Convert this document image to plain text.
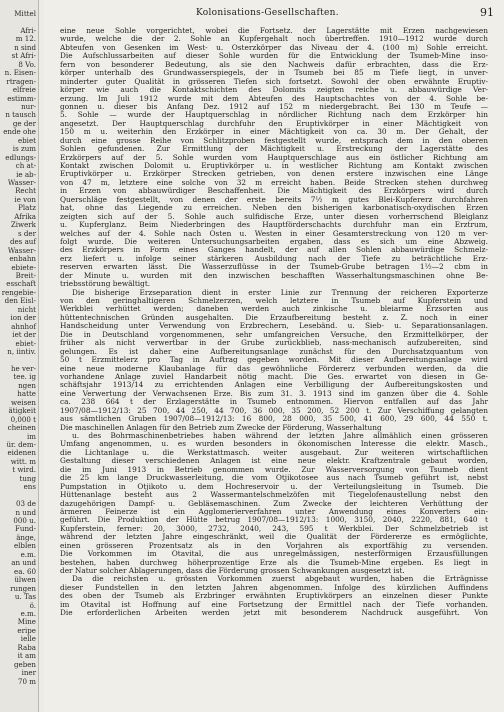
Mittel
Afri-
m 12.
n sind
st Afri-
8 Vo.
n. Eisen-
rtragen-
elfreie
estimm-
nur-
n tausch
ge der
ende ohe
ebiet
is zum
edlungs-
ch at-
ie ab-
Wasser-
Recht
ie von
Platz
Afrika
Ziwerk
s der
des auf
Wasser-
enbahn
ebiete-
Breit-
esschaft
rengebie-
den Eisl-
nicht
ion der
ahnhof
iet der
ebiet-
n, iintiv.
he ver-
tee. ig
ngen
hatte
weisen
ätigkeit
0,000 t
cheinen
im
ür. dem-
eidenen
witt. m
t wird.
tung
ens
03 de
n und
000 u.
Fund-
änge,
elblen
e.m.
an und
ea. 60
ülwen
rungen
u. Tas
ö.
e.m.
Mine
eripe
ielle
Raba
it am
geben
iner
70 m
Kolonisations-Gesellschaften.	91
eine neue Sohle vorgerichtet, wobei die Fortsetz. der Lagerstätte mit Erzen nachgewiesen
wurde, welche die der 2. Sohle an Kupfergehalt noch übertreffen. 1910—1912 wurde durch
Abteufen von Gesenken im West- u. Osterzkörper das Niveau der 4. (100 m) Sohle erreicht.
Die Aufschlussarbeiten auf dieser Sohle wurden für die Entwicklung der Tsumeb-Mine inso-
fern von besonderer Bedeutung, als sie den Nachweis dafür erbrachten, dass die Erz-
körper unterhalb des Grundwasserspiegels, der in Tsumeb bei 85 m Tiefe liegt, in unver-
minderter guter Qualität in grösseren Tiefen sich fortsetzt. Sowohl der oben erwähnte Eruptiv-
körper wie auch die Kontaktschichten des Dolomits zeigten reiche u. abbauwürdige Ver-
erzung. Im Juli 1912 wurde mit dem Abteufen des Hauptschachtes von der 4. Sohle be-
gonnen u. dieser bis Anfang Dez. 1912 auf 152 m niedergebracht. Bei 130 m Teufe —
5. Sohle — wurde der Hauptquerschlag in nördlicher Richtung nach dem Erzkörper hin
angesetzt. Der Hauptquerschlag durchfuhr den Eruptivkörper in einer Mächtigkeit von
150 m u. weiterhin den Erzkörper in einer Mächtigkeit von ca. 30 m. Der Gehalt, der
durch eine grosse Reihe von Schlitzproben festgestellt wurde, entsprach dem in den oberen
Sohlen gefundenen. Zur Ermittlung der Mächtigkeit u. Erstreckung der Lagerstätte des
Erzkörpers auf der 5. Sohle wurden vom Hauptquerschlage aus ein östlicher Richtung am
Kontakt zwischen Dolomit u. Eruptivkörper u. in westlicher Richtung am Kontakt zwischen
Eruptivkörper u. Erzkörper Strecken getrieben, von denen erstere inzwischen eine Länge
von 47 m, letztere eine solche von 32 m erreicht haben. Beide Strecken stehen durchweg
in Erzen von abbauwürdiger Beschaffenheit. Die Mächtigkeit des Erzkörpers wird durch
Querschläge festgestellt, von denen der erste bereits 7½ m gutes Blei-Kupfererz durchfahren
hat, ohne das Liegende zu erreichen. Neben den bisherigen karbonatisch-oxydischen Erzen
zeigten sich auf der 5. Sohle auch sulfidische Erze, unter diesen vorherrschend Bleiglanz
u. Kupferglanz. Beim Niederbringen des Hauptförderschachts durchfuhr man ein Erztrum,
welches auf der 4. Sohle nach Osten u. Westen in einer Gesamterstreckung von 120 m ver-
folgt wurde. Die weiteren Untersuchungsarbeiten ergaben, dass es sich um eine Abzweig.
des Erzkörpers in Form eines Ganges handelt, der auf allen Sohlen abbauwürdige Schmelz-
erz liefert u. infolge seiner stärkeren Ausbildung nach der Tiefe zu beträchtliche Erz-
reserven erwarten lässt. Die Wasserzuflüsse in der Tsumeb-Grube betragen 1½—2 cbm in
der Minute u. wurden mit den inzwischen beschafften Wasserhaltungsmaschinen ohne Be-
triebsstörung bewältigt.
Die bisherige Erzseparation dient in erster Linie zur Trennung der reicheren Exporterze
von den geringhaltigeren Schmelzerzen, welch letztere in Tsumeb auf Kupferstein und
Werkblei verhüttet werden; daneben werden auch zinkische u. bleiarme Erzsorten aus
hüttentechnischen Gründen ausgehalten. Die Erzaufbereitung besteht z. Z. noch in einer
Handscheidung unter Verwendung von Erzbrechern, Lesebänd. u. Sieb- u. Separationsanlagen.
Die in Deutschland vorgenommenen, sehr umfangreichen Versuche, den Erzmittelkörper, der
früher als nicht verwertbar in der Grube zurückblieb, nass-mechanisch aufzubereiten, sind
gelungen. Es ist daher eine Aufbereitungsanlage zunächst für den Durchsatzquantum von
50 t Erzmittelerz pro Tag in Auftrag gegeben worden. Mit dieser Aufbereitungsanlage wird
eine neue moderne Klaubanlage für das gewöhnliche Fördererz verbunden werden, da die
vorhandene Anlage zuviel Handarbeit nötig macht. Die Ges. erwartet von diesen in Ge-
schäftsjahr 1913/14 zu errichtenden Anlagen eine Verbilligung der Aufbereitungskosten und
eine Verwertung der Verwachsenen Erze. Bis zum 31. 3. 1913 sind im ganzen über die 4. Sohle
ca. 238 664 t der Erzlagerstätte in Tsumeb entnommen. Hiervon entfallen auf das Jahr
1907/08—1912/13: 25 700, 44 250, 44 700, 36 000, 35 200, 52 200 t. Zur Verschiffung gelangten
aus sämtlichen Gruben 1907/08—1912/13: 16 800, 28 000, 35 500, 41 600, 29 600, 44 550 t.
Die maschinellen Anlagen für den Betrieb zum Zwecke der Förderung, Wasserhaltung
u. des Bohrmaschinenbetriebes haben während der letzten Jahre allmählich einen grösseren
Umfang angenommen, u. es wurden besonders in ökonomischen Interesse die elektr. Masch.,
die Lichtanlage u. die Werkstattmasch. weiter ausgebaut. Zur weiteren wirtschaftlichen
Gestaltung dieser verschiedenen Anlagen ist eine neue elektr. Kraftzentrale gebaut worden,
die im Juni 1913 in Betrieb genommen wurde. Zur Wasserversorgung von Tsumeb dient
die 25 km lange Druckwasserleitung, die vom Otjikotosee aus nach Tsumeb geführt ist, nebst
Pumpstation in Otjikoto u. dem Hochreservoir u. der Verteilungsleitung in Tsumeb. Die
Hüttenanlage besteht aus 2 Wassermantelschmelzöfen mit Tiegelofenaustellung nebst den
dazugehörigen Dampf- u. Gebläsemaschinen. Zum Zwecke der leichteren Verhüttung der
ärmeren Feinerze ist ein Agglomerierverfahren unter Anwendung eines Konverters ein-
geführt. Die Produktion der Hütte betrug 1907/08—1912/13: 1000, 3150, 2040, 2220, 881, 640 t
Kupferstein, ferner: 20, 3000, 2732, 2040, 243, 595 t Werkblei. Der Schmelzbetrieb ist
während der letzten Jahre eingeschränkt, weil die Qualität der Fördererze es ermöglichte,
einen grösseren Prozentsatz als in den Vorjahren als exportfähig zu versenden.
Die Vorkommen im Otavital, die aus unregelmässigen, nesterförmigen Erzausfüllungen
bestehen, haben durchweg höherprozentige Erze als die Tsumeb-Mine ergeben. Es liegt in
der Natur solcher Ablagerungen, dass die Förderung grossen Schwankungen ausgesetzt ist.
Da die reichsten u. grössten Vorkommen zuerst abgebaut wurden, haben die Erträgnisse
dieser Fundstellen in den letzten Jahren abgenommen. Infolge des kürzlichen Auffindens
des oben der Tsumeb als Erzbringer erwähnten Eruptivkörpers an einzelnen dieser Punkte
im Otavital ist Hoffnung auf eine Fortsetzung der Ermittlel nach der Tiefe vorhanden.
Die erforderlichen Arbeiten werden jetzt mit besonderem Nachdruck ausgeführt. Von
